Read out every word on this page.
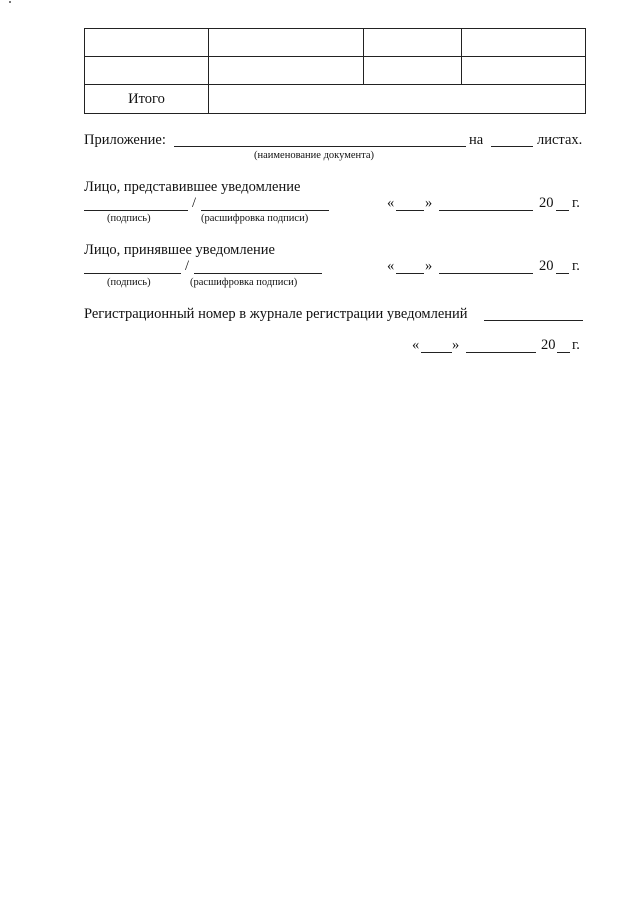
Итого			
Приложение:	на	листах.
(наименование документа)
Лицо, представившее уведомление
/
(подпись)	(расшифровка подписи)
« »	20 г.
Лицо, принявшее уведомление
/
(подпись)	(расшифровка подписи)
« »	20 г.
Регистрационный номер в журнале регистрации уведомлений
« »	20 г.
